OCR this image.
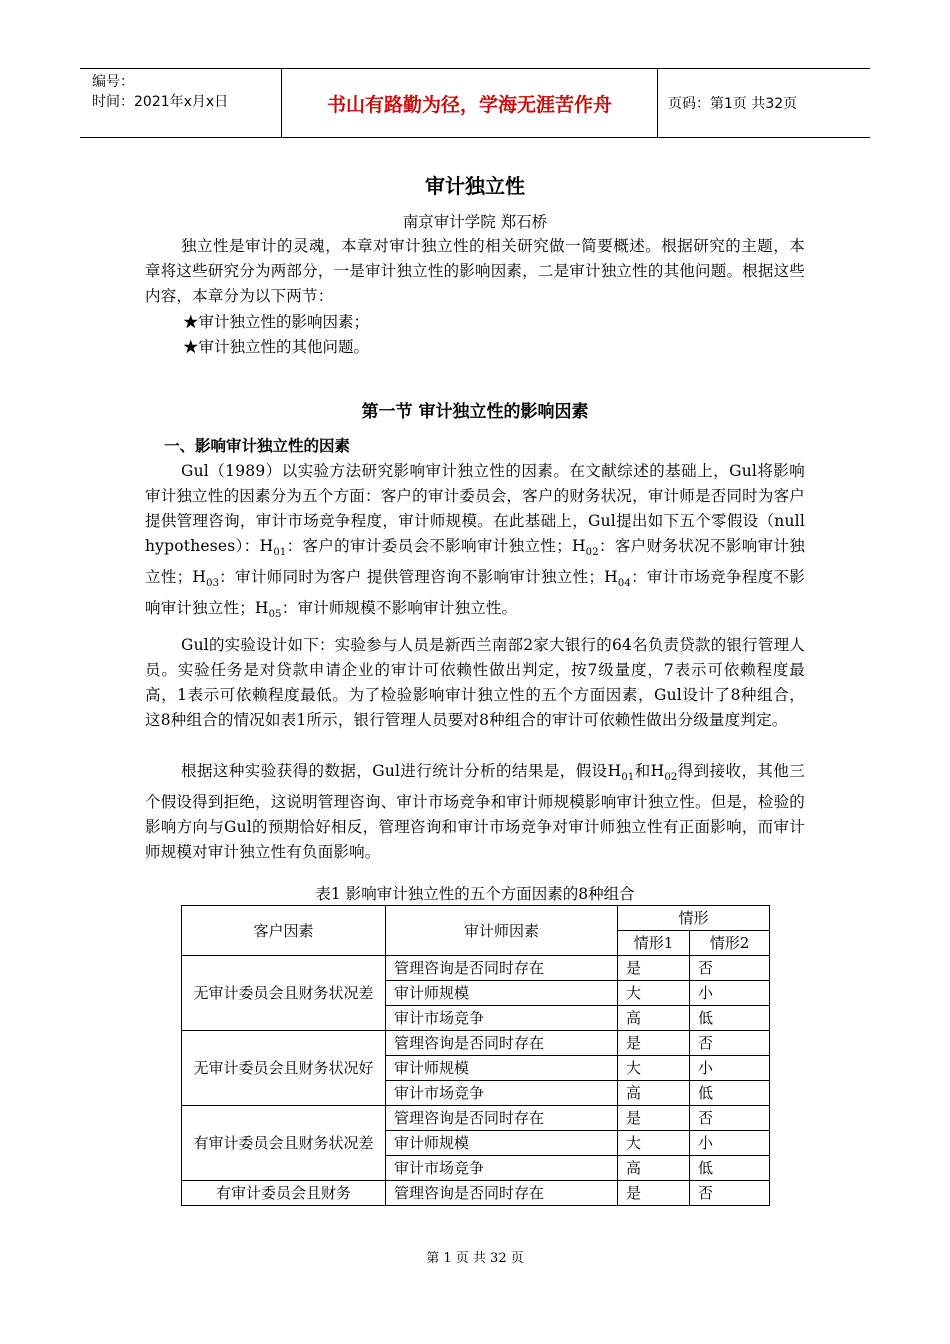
编号：
时间：2021年x月x日	书山有路勤为径，学海无涯苦作舟	页码：第1页 共32页
审计独立性
南京审计学院 郑石桥
独立性是审计的灵魂，本章对审计独立性的相关研究做一简要概述。根据研究的主题，本章将这些研究分为两部分，一是审计独立性的影响因素，二是审计独立性的其他问题。根据这些内容，本章分为以下两节：
★审计独立性的影响因素；
★审计独立性的其他问题。
第一节 审计独立性的影响因素
一、影响审计独立性的因素
Gul（1989）以实验方法研究影响审计独立性的因素。在文献综述的基础上，Gul将影响审计独立性的因素分为五个方面：客户的审计委员会，客户的财务状况，审计师是否同时为客户提供管理咨询，审计市场竞争程度，审计师规模。在此基础上，Gul提出如下五个零假设（null hypotheses）：$H_{01}$：客户的审计委员会不影响审计独立性；$H_{02}$：客户财务状况不影响审计独立性；$H_{03}$：审计师同时为客户 提供管理咨询不影响审计独立性；$H_{04}$：审计市场竞争程度不影响审计独立性；$H_{05}$：审计师规模不影响审计独立性。
Gul的实验设计如下：实验参与人员是新西兰南部2家大银行的64名负责贷款的银行管理人员。实验任务是对贷款申请企业的审计可依赖性做出判定，按7级量度，7表示可依赖程度最高，1表示可依赖程度最低。为了检验影响审计独立性的五个方面因素，Gul设计了8种组合，这8种组合的情况如表1所示，银行管理人员要对8种组合的审计可依赖性做出分级量度判定。
根据这种实验获得的数据，Gul进行统计分析的结果是，假设$H_{01}$和$H_{02}$得到接收，其他三个假设得到拒绝，这说明管理咨询、审计市场竞争和审计师规模影响审计独立性。但是，检验的影响方向与Gul的预期恰好相反，管理咨询和审计市场竞争对审计师独立性有正面影响，而审计师规模对审计独立性有负面影响。
表1 影响审计独立性的五个方面因素的8种组合
客户因素	审计师因素	情形	
		情形1	情形2
无审计委员会且财务状况差	管理咨询是否同时存在	是	否
	审计师规模	大	小
	审计市场竞争	高	低
无审计委员会且财务状况好	管理咨询是否同时存在	是	否
	审计师规模	大	小
	审计市场竞争	高	低
有审计委员会且财务状况差	管理咨询是否同时存在	是	否
	审计师规模	大	小
	审计市场竞争	高	低
有审计委员会且财务	管理咨询是否同时存在	是	否
第 1 页 共 32 页
